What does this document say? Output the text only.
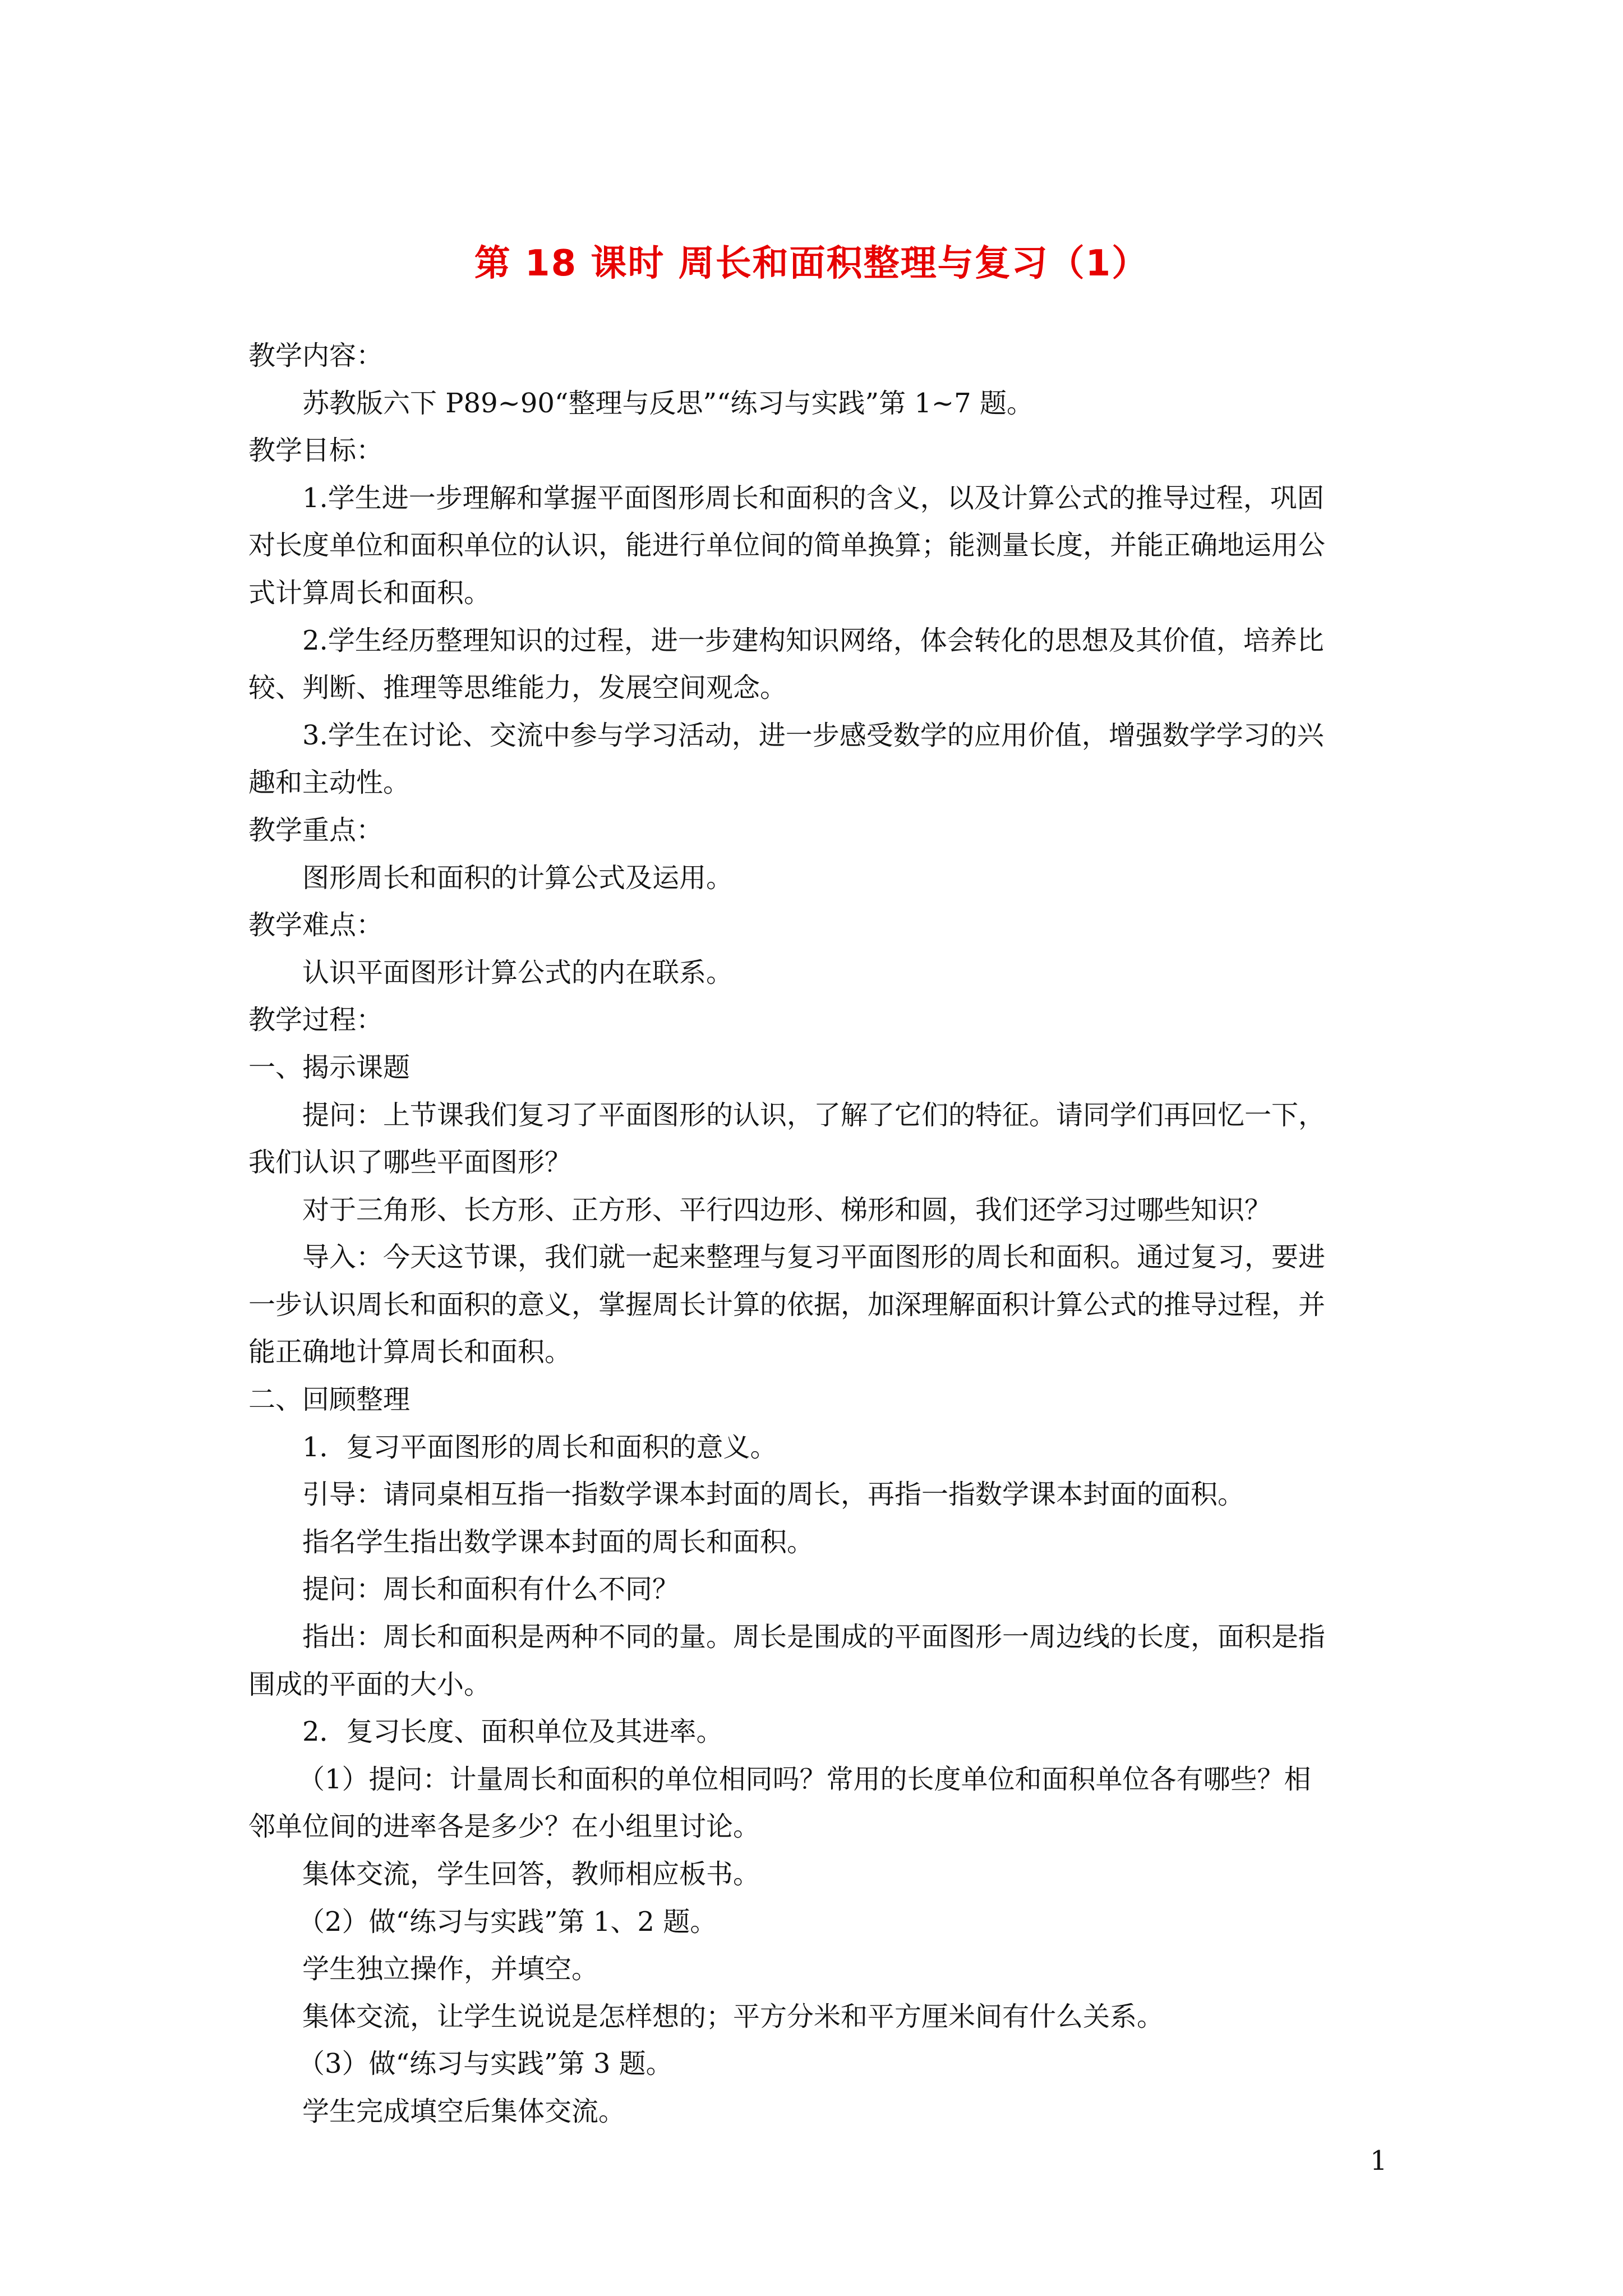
第 18 课时 周长和面积整理与复习（1）
教学内容：
苏教版六下 P89~90“整理与反思”“练习与实践”第 1~7 题。
教学目标：
1.学生进一步理解和掌握平面图形周长和面积的含义，以及计算公式的推导过程，巩固
对长度单位和面积单位的认识，能进行单位间的简单换算；能测量长度，并能正确地运用公
式计算周长和面积。
2.学生经历整理知识的过程，进一步建构知识网络，体会转化的思想及其价值，培养比
较、判断、推理等思维能力，发展空间观念。
3.学生在讨论、交流中参与学习活动，进一步感受数学的应用价值，增强数学学习的兴
趣和主动性。
教学重点：
图形周长和面积的计算公式及运用。
教学难点：
认识平面图形计算公式的内在联系。
教学过程：
一、揭示课题
提问：上节课我们复习了平面图形的认识，了解了它们的特征。请同学们再回忆一下，
我们认识了哪些平面图形？
对于三角形、长方形、正方形、平行四边形、梯形和圆，我们还学习过哪些知识？
导入：今天这节课，我们就一起来整理与复习平面图形的周长和面积。通过复习，要进
一步认识周长和面积的意义，掌握周长计算的依据，加深理解面积计算公式的推导过程，并
能正确地计算周长和面积。
二、回顾整理
1．复习平面图形的周长和面积的意义。
引导：请同桌相互指一指数学课本封面的周长，再指一指数学课本封面的面积。
指名学生指出数学课本封面的周长和面积。
提问：周长和面积有什么不同？
指出：周长和面积是两种不同的量。周长是围成的平面图形一周边线的长度，面积是指
围成的平面的大小。
2．复习长度、面积单位及其进率。
（1）提问：计量周长和面积的单位相同吗？常用的长度单位和面积单位各有哪些？相
邻单位间的进率各是多少？在小组里讨论。
集体交流，学生回答，教师相应板书。
（2）做“练习与实践”第 1、2 题。
学生独立操作，并填空。
集体交流，让学生说说是怎样想的；平方分米和平方厘米间有什么关系。
（3）做“练习与实践”第 3 题。
学生完成填空后集体交流。
1
